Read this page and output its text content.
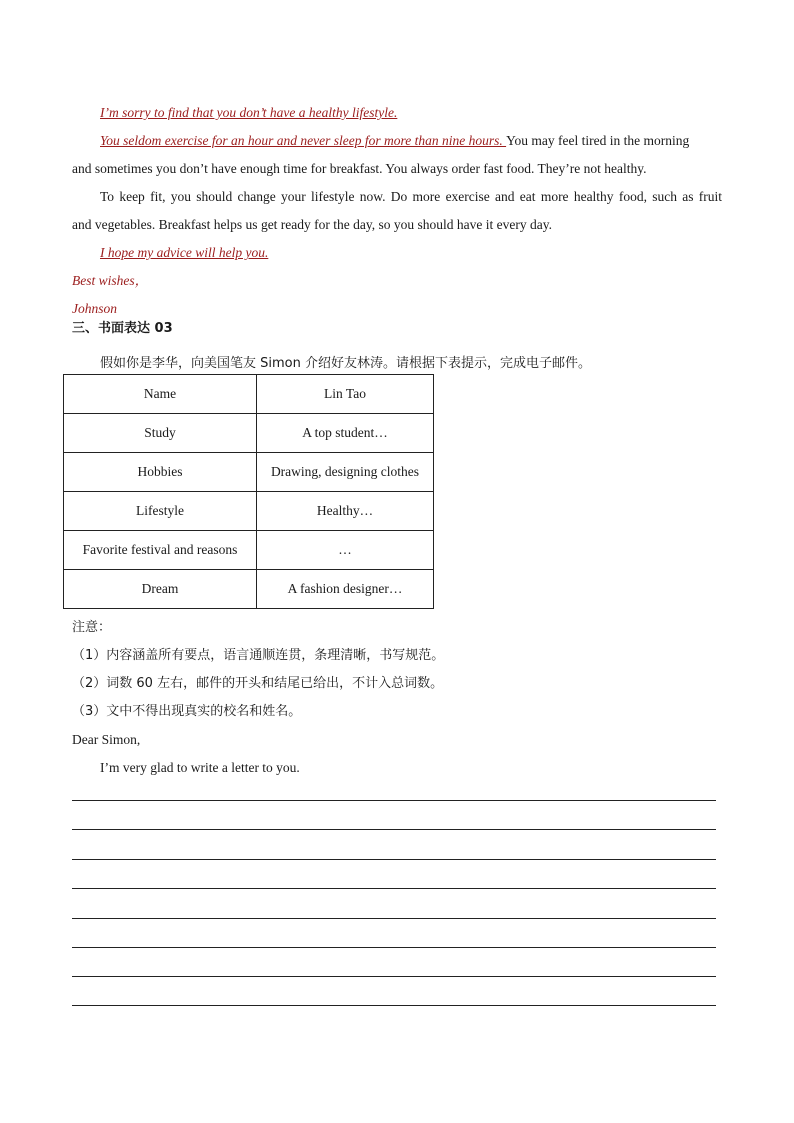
I’m sorry to find that you don’t have a healthy lifestyle.
You seldom exercise for an hour and never sleep for more than nine hours. You may feel tired in the morning
and sometimes you don’t have enough time for breakfast. You always order fast food. They’re not healthy.
To keep fit, you should change your lifestyle now. Do more exercise and eat more healthy food, such as fruit
and vegetables. Breakfast helps us get ready for the day, so you should have it every day.
I hope my advice will help you.
Best wishes，
Johnson
三、书面表达 03
假如你是李华，向美国笔友 Simon 介绍好友林涛。请根据下表提示，完成电子邮件。
Name	Lin Tao
Study	A top student…
Hobbies	Drawing, designing clothes
Lifestyle	Healthy…
Favorite festival and reasons	…
Dream	A fashion designer…
注意：
（1）内容涵盖所有要点，语言通顺连贯，条理清晰，书写规范。
（2）词数 60 左右，邮件的开头和结尾已给出，不计入总词数。
（3）文中不得出现真实的校名和姓名。
Dear Simon,
I’m very glad to write a letter to you.
